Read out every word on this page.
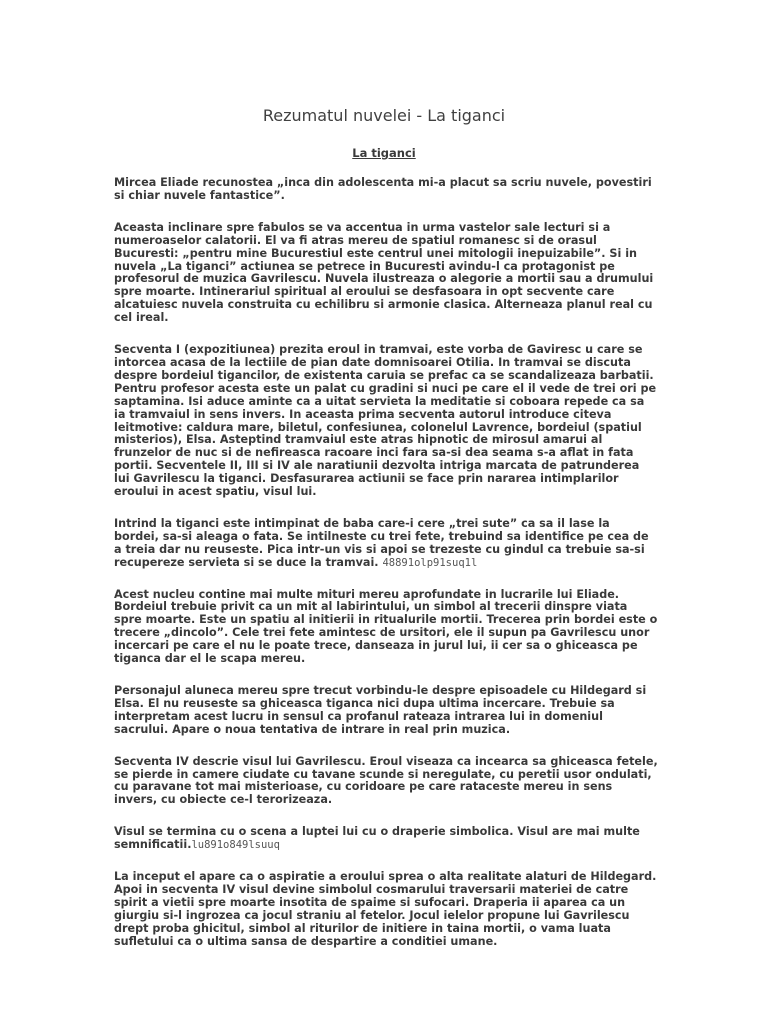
Rezumatul nuvelei - La tiganci
La tiganci

Mircea Eliade recunostea „inca din adolescenta mi-a placut sa scriu nuvele, povestiri si chiar nuvele fantastice”.

Aceasta inclinare spre fabulos se va accentua in urma vastelor sale lecturi si a numeroaselor calatorii. El va fi atras mereu de spatiul romanesc si de orasul Bucuresti: „pentru mine Bucurestiul este centrul unei mitologii inepuizabile”. Si in nuvela „La tiganci” actiunea se petrece in Bucuresti avindu-l ca protagonist pe profesorul de muzica Gavrilescu. Nuvela ilustreaza o alegorie a mortii sau a drumului spre moarte. Intinerariul spiritual al eroului se desfasoara in opt secvente care alcatuiesc nuvela construita cu echilibru si armonie clasica. Alterneaza planul real cu cel ireal.

Secventa I (expozitiunea) prezita eroul in tramvai, este vorba de Gaviresc u care se intorcea acasa de la lectiile de pian date domnisoarei Otilia. In tramvai se discuta despre bordeiul tigancilor, de existenta caruia se prefac ca se scandalizeaza barbatii. Pentru profesor acesta este un palat cu gradini si nuci pe care el il vede de trei ori pe saptamina. Isi aduce aminte ca a uitat servieta la meditatie si coboara repede ca sa ia tramvaiul in sens invers. In aceasta prima secventa autorul introduce citeva leitmotive: caldura mare, biletul, confesiunea, colonelul Lavrence, bordeiul (spatiul misterios), Elsa. Asteptind tramvaiul este atras hipnotic de mirosul amarui al frunzelor de nuc si de nefireasca racoare inci fara sa-si dea seama s-a aflat in fata portii. Secventele II, III si IV ale naratiunii dezvolta intriga marcata de patrunderea lui Gavrilescu la tiganci. Desfasurarea actiunii se face prin nararea intimplarilor eroului in acest spatiu, visul lui.

Intrind la tiganci este intimpinat de baba care-i cere „trei sute” ca sa il lase la bordei, sa-si aleaga o fata. Se intilneste cu trei fete, trebuind sa identifice pe cea de a treia dar nu reuseste. Pica intr-un vis si apoi se trezeste cu gindul ca trebuie sa-si recupereze servieta si se duce la tramvai. 48891olp91suq1l

Acest nucleu contine mai multe mituri mereu aprofundate in lucrarile lui Eliade. Bordeiul trebuie privit ca un mit al labirintului, un simbol al trecerii dinspre viata spre moarte. Este un spatiu al initierii in ritualurile mortii. Trecerea prin bordei este o trecere „dincolo”. Cele trei fete amintesc de ursitori, ele il supun pa Gavrilescu unor incercari pe care el nu le poate trece, danseaza in jurul lui, ii cer sa o ghiceasca pe tiganca dar el le scapa mereu.

Personajul aluneca mereu spre trecut vorbindu-le despre episoadele cu Hildegard si Elsa. El nu reuseste sa ghiceasca tiganca nici dupa ultima incercare. Trebuie sa interpretam acest lucru in sensul ca profanul rateaza intrarea lui in domeniul sacrului. Apare o noua tentativa de intrare in real prin muzica.

Secventa IV descrie visul lui Gavrilescu. Eroul viseaza ca incearca sa ghiceasca fetele, se pierde in camere ciudate cu tavane scunde si neregulate, cu peretii usor ondulati, cu paravane tot mai misterioase, cu coridoare pe care rataceste mereu in sens invers, cu obiecte ce-l terorizeaza.

Visul se termina cu o scena a luptei lui cu o draperie simbolica. Visul are mai multe semnificatii.lu891o849lsuuq

La inceput el apare ca o aspiratie a eroului sprea o alta realitate alaturi de Hildegard. Apoi in secventa IV visul devine simbolul cosmarului traversarii materiei de catre spirit a vietii spre moarte insotita de spaime si sufocari. Draperia ii aparea ca un giurgiu si-l ingrozea ca jocul straniu al fetelor. Jocul ielelor propune lui Gavrilescu drept proba ghicitul, simbol al riturilor de initiere in taina mortii, o vama luata sufletului ca o ultima sansa de despartire a conditiei umane.
